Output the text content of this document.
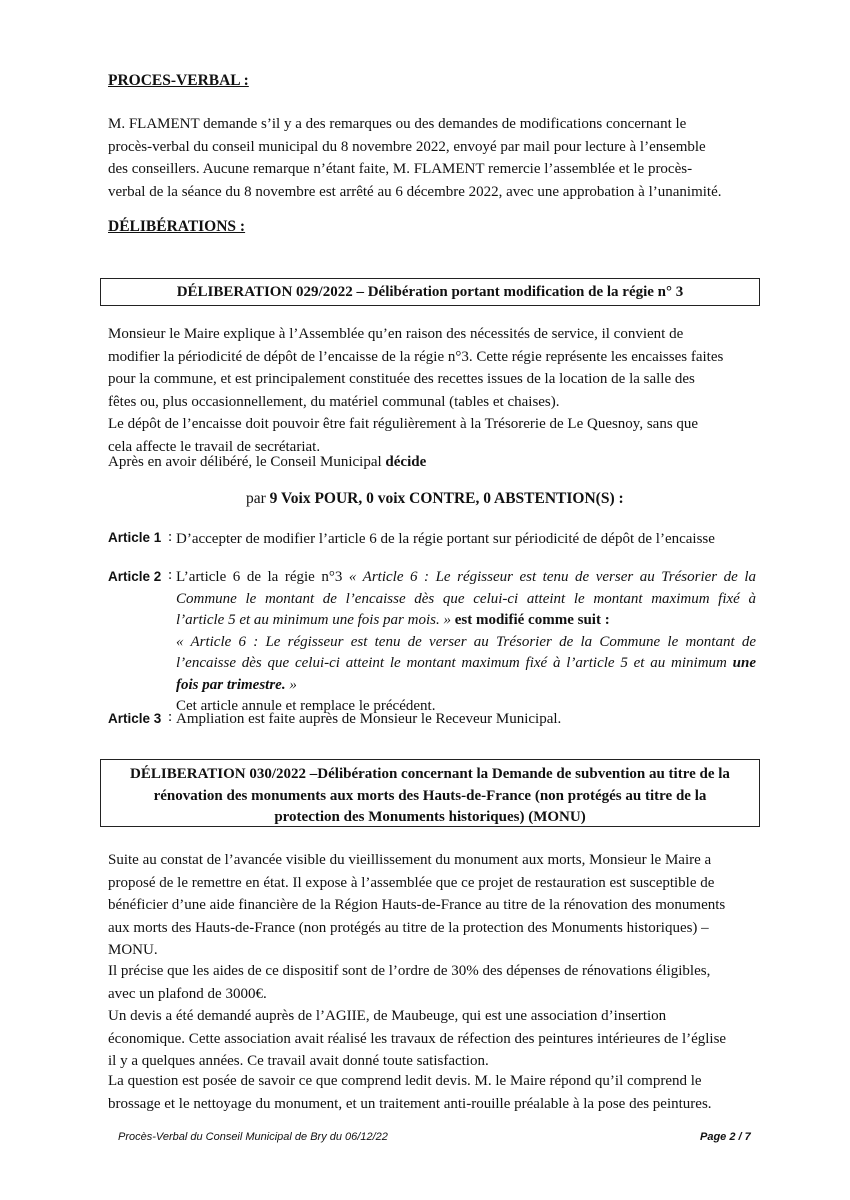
PROCES-VERBAL :

M. FLAMENT demande s’il y a des remarques ou des demandes de modifications concernant le
procès-verbal du conseil municipal du 8 novembre 2022, envoyé par mail pour lecture à l’ensemble
des conseillers. Aucune remarque n’étant faite, M. FLAMENT remercie l’assemblée et le procès-
verbal de la séance du 8 novembre est arrêté au 6 décembre 2022, avec une approbation à l’unanimité.

DÉLIBÉRATIONS :
DÉLIBERATION 029/2022 – Délibération portant modification de la régie n° 3

Monsieur le Maire explique à l’Assemblée qu’en raison des nécessités de service, il convient de
modifier la périodicité de dépôt de l’encaisse de la régie n°3. Cette régie représente les encaisses faites
pour la commune, et est principalement constituée des recettes issues de la location de la salle des
fêtes ou, plus occasionnellement, du matériel communal (tables et chaises).
Le dépôt de l’encaisse doit pouvoir être fait régulièrement à la Trésorerie de Le Quesnoy, sans que
cela affecte le travail de secrétariat.

Après en avoir délibéré, le Conseil Municipal décide
par 9 Voix POUR, 0 voix CONTRE, 0 ABSTENTION(S) :
Article 1 : D’accepter de modifier l’article 6 de la régie portant sur périodicité de dépôt de l’encaisse
Article 2 : L’article 6 de la régie n°3 « Article 6 : Le régisseur est tenu de verser au Trésorier de la
Commune le montant de l’encaisse dès que celui-ci atteint le montant maximum fixé à
l’article 5 et au minimum une fois par mois. » est modifié comme suit :
« Article 6 : Le régisseur est tenu de verser au Trésorier de la Commune le montant de
l’encaisse dès que celui-ci atteint le montant maximum fixé à l’article 5 et au minimum une
fois par trimestre. »
Cet article annule et remplace le précédent.

Article 3 : Ampliation est faite auprès de Monsieur le Receveur Municipal.
DÉLIBERATION 030/2022 –Délibération concernant la Demande de subvention au titre de la
rénovation des monuments aux morts des Hauts-de-France (non protégés au titre de la
protection des Monuments historiques) (MONU)

Suite au constat de l’avancée visible du vieillissement du monument aux morts, Monsieur le Maire a
proposé de le remettre en état. Il expose à l’assemblée que ce projet de restauration est susceptible de
bénéficier d’une aide financière de la Région Hauts-de-France au titre de la rénovation des monuments
aux morts des Hauts-de-France (non protégés au titre de la protection des Monuments historiques) –
MONU.

Il précise que les aides de ce dispositif sont de l’ordre de 30% des dépenses de rénovations éligibles,
avec un plafond de 3000€.
Un devis a été demandé auprès de l’AGIIE, de Maubeuge, qui est une association d’insertion
économique. Cette association avait réalisé les travaux de réfection des peintures intérieures de l’église
il y a quelques années. Ce travail avait donné toute satisfaction.

La question est posée de savoir ce que comprend ledit devis. M. le Maire répond qu’il comprend le
brossage et le nettoyage du monument, et un traitement anti-rouille préalable à la pose des peintures.

Procès-Verbal du Conseil Municipal de Bry du 06/12/22	Page 2 / 7
